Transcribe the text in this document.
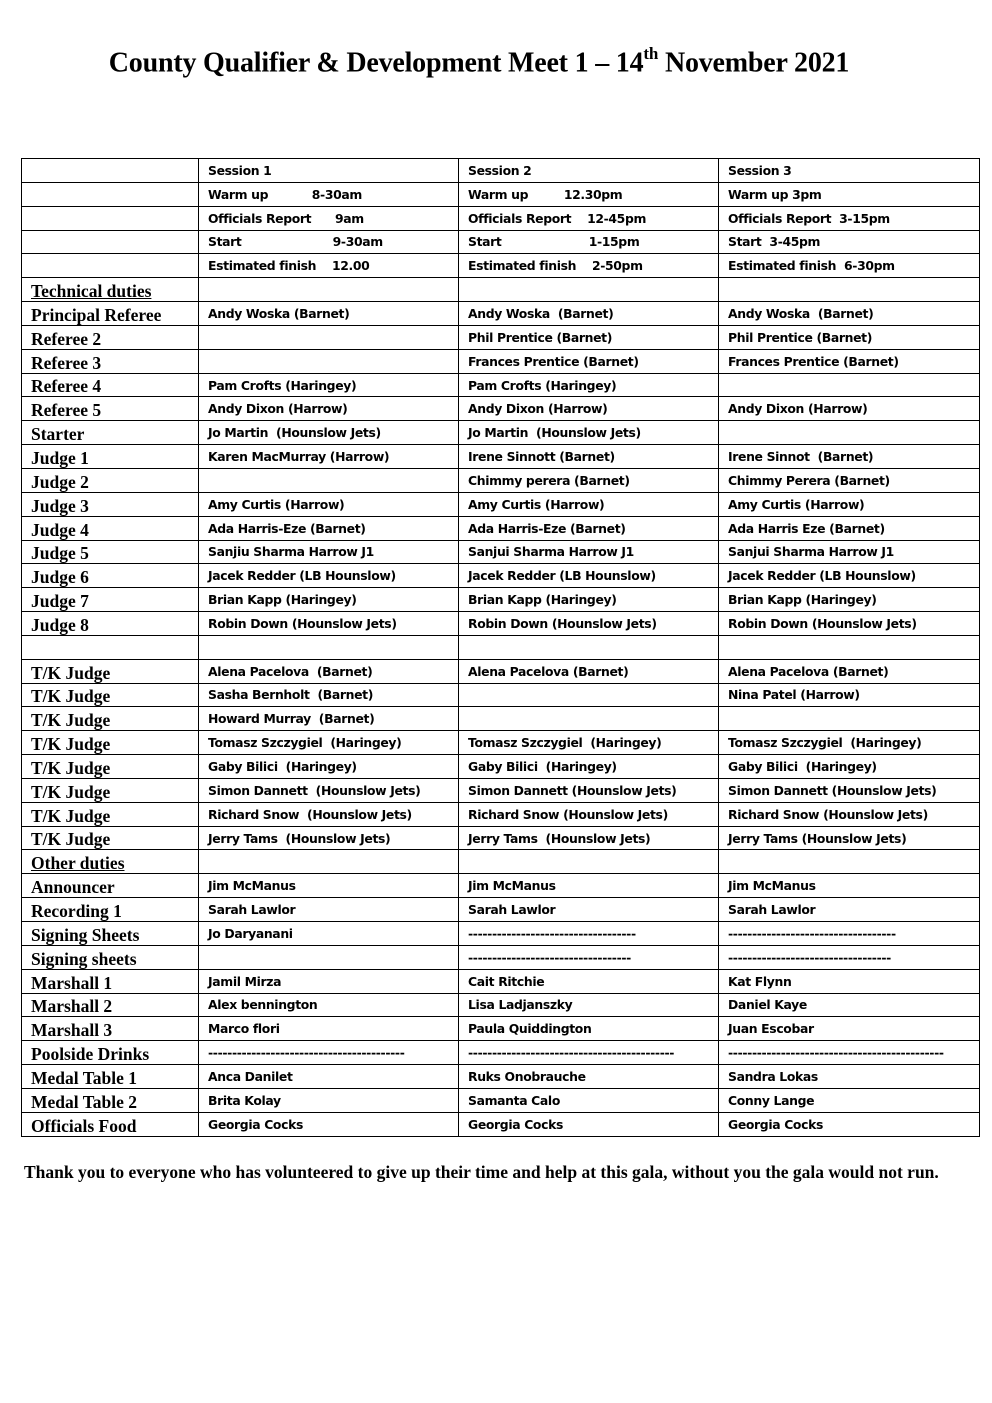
County Qualifier & Development Meet 1 – 14th November 2021
	Session 1	Session 2	Session 3
	Warm up           8-30am	Warm up         12.30pm	Warm up 3pm
	Officials Report      9am	Officials Report    12-45pm	Officials Report  3-15pm
	Start                       9-30am	Start                      1-15pm	Start  3-45pm
	Estimated finish    12.00	Estimated finish    2-50pm	Estimated finish  6-30pm
Technical duties			
Principal Referee	Andy Woska (Barnet)	Andy Woska  (Barnet)	Andy Woska  (Barnet)
Referee 2		Phil Prentice (Barnet)	Phil Prentice (Barnet)
Referee 3		Frances Prentice (Barnet)	Frances Prentice (Barnet)
Referee 4	Pam Crofts (Haringey)	Pam Crofts (Haringey)	
Referee 5	Andy Dixon (Harrow)	Andy Dixon (Harrow)	Andy Dixon (Harrow)
Starter	Jo Martin  (Hounslow Jets)	Jo Martin  (Hounslow Jets)	
Judge 1	Karen MacMurray (Harrow)	Irene Sinnott (Barnet)	Irene Sinnot  (Barnet)
Judge 2		Chimmy perera (Barnet)	Chimmy Perera (Barnet)
Judge 3	Amy Curtis (Harrow)	Amy Curtis (Harrow)	Amy Curtis (Harrow)
Judge 4	Ada Harris-Eze (Barnet)	Ada Harris-Eze (Barnet)	Ada Harris Eze (Barnet)
Judge 5	Sanjiu Sharma Harrow J1	Sanjui Sharma Harrow J1	Sanjui Sharma Harrow J1
Judge 6	Jacek Redder (LB Hounslow)	Jacek Redder (LB Hounslow)	Jacek Redder (LB Hounslow)
Judge 7	Brian Kapp (Haringey)	Brian Kapp (Haringey)	Brian Kapp (Haringey)
Judge 8	Robin Down (Hounslow Jets)	Robin Down (Hounslow Jets)	Robin Down (Hounslow Jets)

T/K Judge	Alena Pacelova  (Barnet)	Alena Pacelova (Barnet)	Alena Pacelova (Barnet)
T/K Judge	Sasha Bernholt  (Barnet)		Nina Patel (Harrow)
T/K Judge	Howard Murray  (Barnet)		
T/K Judge	Tomasz Szczygiel  (Haringey)	Tomasz Szczygiel  (Haringey)	Tomasz Szczygiel  (Haringey)
T/K Judge	Gaby Bilici  (Haringey)	Gaby Bilici  (Haringey)	Gaby Bilici  (Haringey)
T/K Judge	Simon Dannett  (Hounslow Jets)	Simon Dannett (Hounslow Jets)	Simon Dannett (Hounslow Jets)
T/K Judge	Richard Snow  (Hounslow Jets)	Richard Snow (Hounslow Jets)	Richard Snow (Hounslow Jets)
T/K Judge	Jerry Tams  (Hounslow Jets)	Jerry Tams  (Hounslow Jets)	Jerry Tams (Hounslow Jets)
Other duties			
Announcer	Jim McManus	Jim McManus	Jim McManus
Recording 1	Sarah Lawlor	Sarah Lawlor	Sarah Lawlor
Signing Sheets	Jo Daryanani	-----------------------------------	-----------------------------------
Signing sheets		----------------------------------	----------------------------------
Marshall 1	Jamil Mirza	Cait Ritchie	Kat Flynn
Marshall 2	Alex bennington	Lisa Ladjanszky	Daniel Kaye
Marshall 3	Marco flori	Paula Quiddington	Juan Escobar
Poolside Drinks	-----------------------------------------	-------------------------------------------	---------------------------------------------
Medal Table 1	Anca Danilet	Ruks Onobrauche	Sandra Lokas
Medal Table 2	Brita Kolay	Samanta Calo	Conny Lange
Officials Food	Georgia Cocks	Georgia Cocks	Georgia Cocks
Thank you to everyone who has volunteered to give up their time and help at this gala, without you the gala would not run.
